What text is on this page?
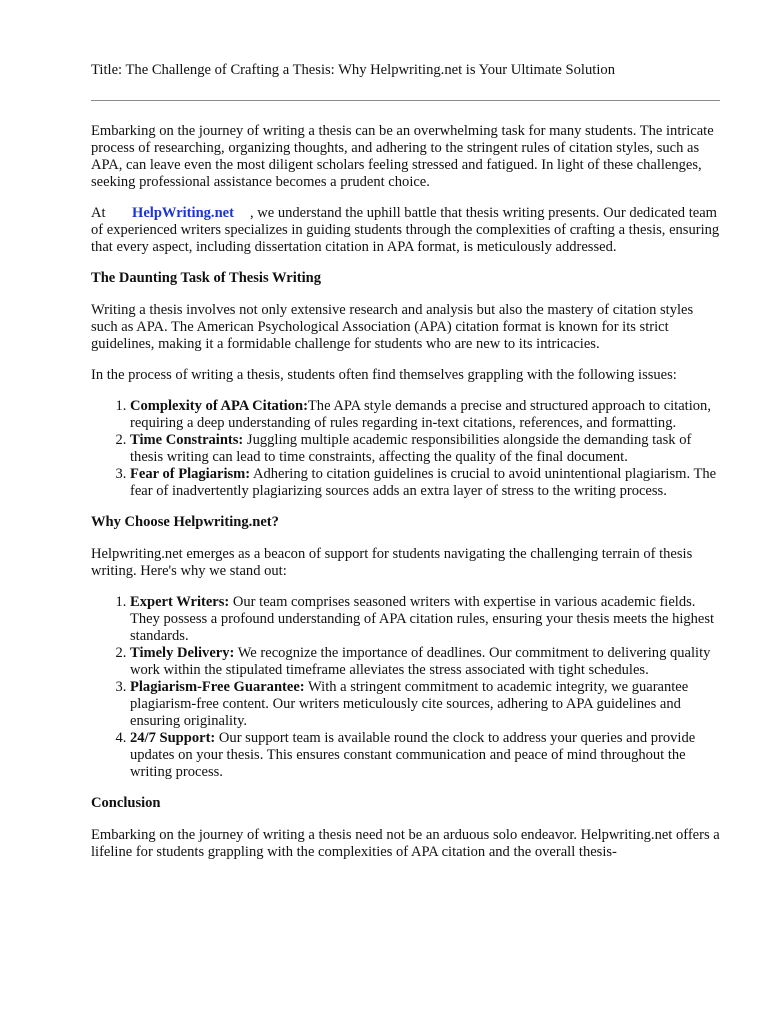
Title: The Challenge of Crafting a Thesis: Why Helpwriting.net is Your Ultimate Solution

Embarking on the journey of writing a thesis can be an overwhelming task for many students. The intricate process of researching, organizing thoughts, and adhering to the stringent rules of citation styles, such as APA, can leave even the most diligent scholars feeling stressed and fatigued. In light of these challenges, seeking professional assistance becomes a prudent choice.

At HelpWriting.net , we understand the uphill battle that thesis writing presents. Our dedicated team of experienced writers specializes in guiding students through the complexities of crafting a thesis, ensuring that every aspect, including dissertation citation in APA format, is meticulously addressed.

The Daunting Task of Thesis Writing

Writing a thesis involves not only extensive research and analysis but also the mastery of citation styles such as APA. The American Psychological Association (APA) citation format is known for its strict guidelines, making it a formidable challenge for students who are new to its intricacies.

In the process of writing a thesis, students often find themselves grappling with the following issues:

1. Complexity of APA Citation:The APA style demands a precise and structured approach to citation, requiring a deep understanding of rules regarding in-text citations, references, and formatting.
2. Time Constraints: Juggling multiple academic responsibilities alongside the demanding task of thesis writing can lead to time constraints, affecting the quality of the final document.
3. Fear of Plagiarism: Adhering to citation guidelines is crucial to avoid unintentional plagiarism. The fear of inadvertently plagiarizing sources adds an extra layer of stress to the writing process.
Why Choose Helpwriting.net?

Helpwriting.net emerges as a beacon of support for students navigating the challenging terrain of thesis writing. Here's why we stand out:

1. Expert Writers: Our team comprises seasoned writers with expertise in various academic fields. They possess a profound understanding of APA citation rules, ensuring your thesis meets the highest standards.
2. Timely Delivery: We recognize the importance of deadlines. Our commitment to delivering quality work within the stipulated timeframe alleviates the stress associated with tight schedules.
3. Plagiarism-Free Guarantee: With a stringent commitment to academic integrity, we guarantee plagiarism-free content. Our writers meticulously cite sources, adhering to APA guidelines and ensuring originality.
4. 24/7 Support: Our support team is available round the clock to address your queries and provide updates on your thesis. This ensures constant communication and peace of mind throughout the writing process.
Conclusion

Embarking on the journey of writing a thesis need not be an arduous solo endeavor. Helpwriting.net offers a lifeline for students grappling with the complexities of APA citation and the overall thesis-
